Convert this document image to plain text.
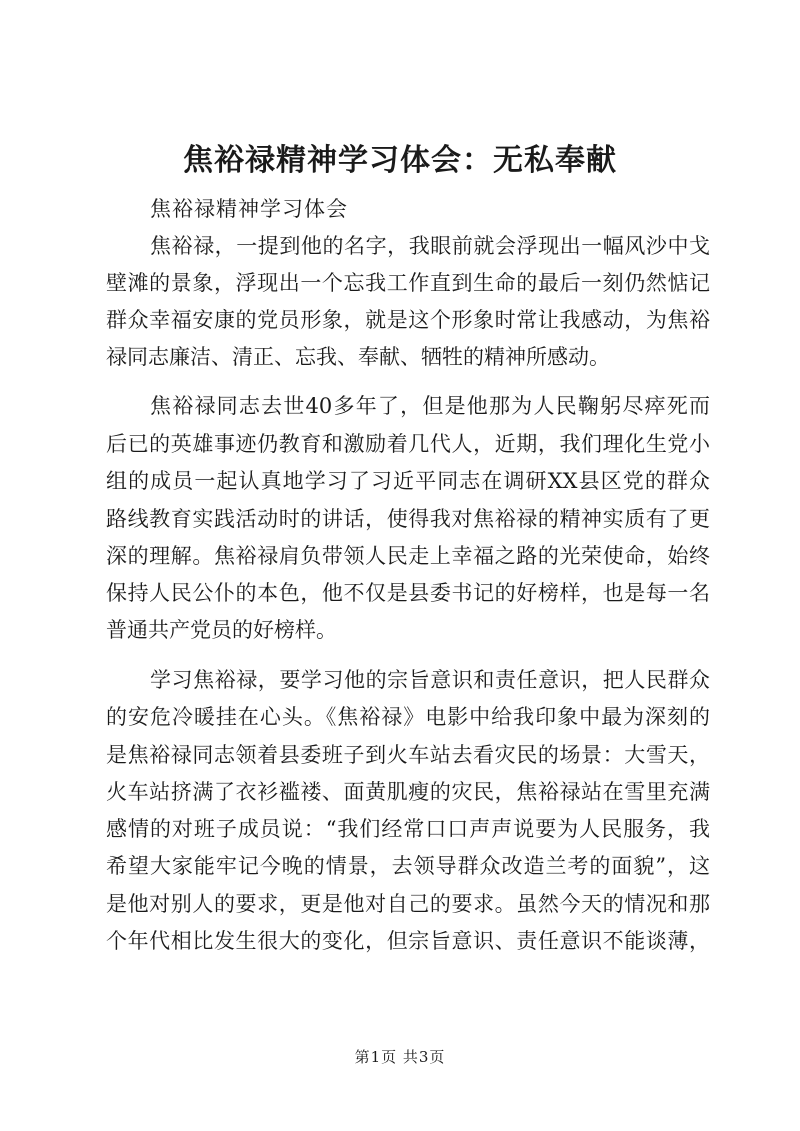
焦裕禄精神学习体会：无私奉献
焦裕禄精神学习体会
焦裕禄，一提到他的名字，我眼前就会浮现出一幅风沙中戈
壁滩的景象，浮现出一个忘我工作直到生命的最后一刻仍然惦记
群众幸福安康的党员形象，就是这个形象时常让我感动，为焦裕
禄同志廉洁、清正、忘我、奉献、牺牲的精神所感动。
焦裕禄同志去世40多年了，但是他那为人民鞠躬尽瘁死而
后已的英雄事迹仍教育和激励着几代人，近期，我们理化生党小
组的成员一起认真地学习了习近平同志在调研XX县区党的群众
路线教育实践活动时的讲话，使得我对焦裕禄的精神实质有了更
深的理解。焦裕禄肩负带领人民走上幸福之路的光荣使命，始终
保持人民公仆的本色，他不仅是县委书记的好榜样，也是每一名
普通共产党员的好榜样。
学习焦裕禄，要学习他的宗旨意识和责任意识，把人民群众
的安危冷暖挂在心头。《焦裕禄》电影中给我印象中最为深刻的
是焦裕禄同志领着县委班子到火车站去看灾民的场景：大雪天，
火车站挤满了衣衫褴褛、面黄肌瘦的灾民，焦裕禄站在雪里充满
感情的对班子成员说：“我们经常口口声声说要为人民服务，我
希望大家能牢记今晚的情景，去领导群众改造兰考的面貌”，这
是他对别人的要求，更是他对自己的要求。虽然今天的情况和那
个年代相比发生很大的变化，但宗旨意识、责任意识不能谈薄，
第1页 共3页
